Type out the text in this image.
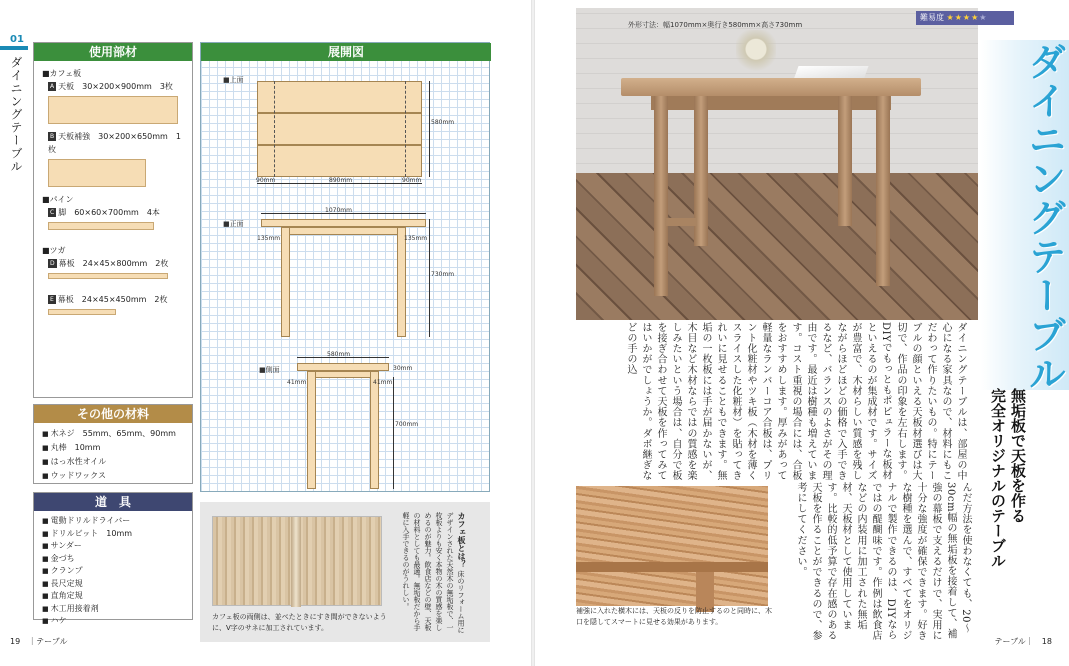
01
ダイニングテーブル
使用部材
■カフェ板
A 天板　30×200×900mm　3枚
B 天板補強　30×200×650mm　1枚
■パイン
C 脚　60×60×700mm　4本
■ツガ
D 幕板　24×45×800mm　2枚
E 幕板　24×45×450mm　2枚
その他の材料
■ 木ネジ　55mm、65mm、90mm
■ 丸棒　10mm
■ はっ水性オイル
■ ウッドワックス
道　具
■ 電動ドリルドライバー
■ ドリルビット　10mm
■ サンダー
■ 金づち
■ クランプ
■ 長尺定規
■ 直角定規
■ 木工用接着剤
■ ハケ
展開図
■上面
580mm
90mm	890mm	90mm
■正面
1070mm
135mm	135mm
730mm
■側面
580mm
41mm	41mm
30mm
700mm
カフェ板の両側は、並べたときにすき間ができないように、V字のサネに加工されています。
カフェ板とは？ 床のリフォーム用にデザインされた天然木の無垢板で、一枚板よりも安く本物の木の質感を楽しめるのが魅力。飲食店などの壁、天板の材料としても最適。無垢板だから手軽に入手できるのがうれしい。
19　｜テーブル
外形寸法：幅1070mm×奥行き580mm×高さ730mm
難易度 ★★★★★
ダイニングテーブル
無垢板で天板を作る
完全オリジナルのテーブル
ダイニングテーブルは、部屋の中心になる家具なので、材料にもこだわって作りたいもの。特にテーブルの顔といえる天板材選びは大切で、作品の印象を左右します。DIYでもっともポピュラーな板材といえるのが集成材です。サイズが豊富で、木材らしい質感を残しながらほどほどの価格で入手できるなど、バランスのよさがその理由です。最近は樹種も増えています。コスト重視の場合には、合板をおすすめします。厚みがあって軽量なランバーコア合板は、プリント化粧材やツキ板（木材を薄くスライスした化粧材）を貼ってきれいに見せることもできます。無垢の一枚板には手が届かないが、木目など木材ならではの質感を楽しみたいという場合は、自分で板を接ぎ合わせて天板を作ってみてはいかがでしょうか。ダボ継ぎなどの手の込
んだ方法を使わなくても、20〜30cm幅の無垢板を接着して、補強の幕板で支えるだけで、実用に十分な強度が確保できます。好きな樹種を選んで、すべてをオリジナルで製作できるのは、DIYならではの醍醐味です。作例は飲食店などの内装用に加工された無垢材、天板材として使用しています。比較的低予算で存在感のある天板を作ることができるので、参考にしてください。
補強に入れた横木には、天板の反りを防止するのと同時に、木口を隠してスマートに見せる効果があります。
テーブル｜　18
